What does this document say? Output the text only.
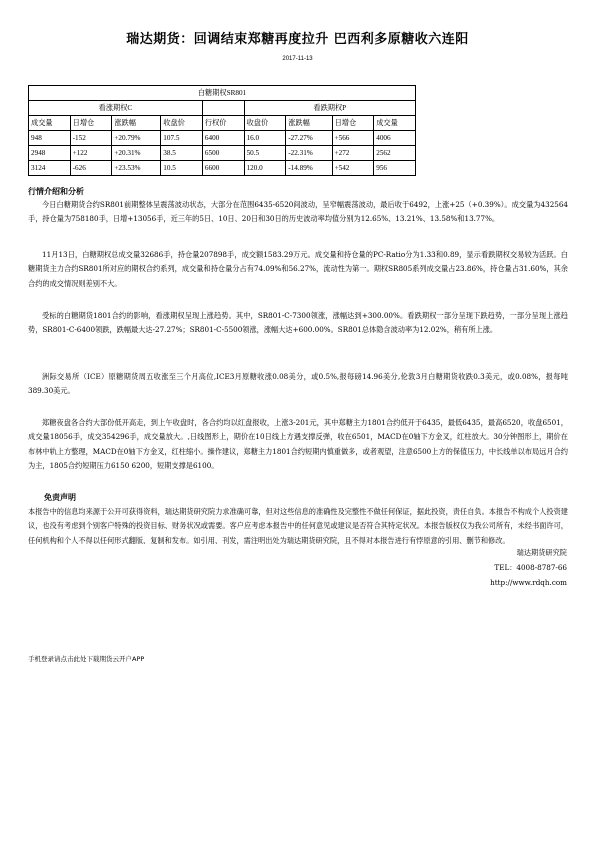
瑞达期货：回调结束郑糖再度拉升 巴西利多原糖收六连阳
2017-11-13
白糖期权SR801								
看涨期权C					看跌期权P			
成交量	日增仓	涨跌幅	收盘价	行权价	收盘价	涨跌幅	日增仓	成交量
948	-152	+20.79%	107.5	6400	16.0	-27.27%	+566	4006
2948	+122	+20.31%	38.5	6500	50.5	-22.31%	+272	2562
3124	-626	+23.53%	10.5	6600	120.0	-14.89%	+542	956
行情介绍和分析
今日白糖期货合约SR801前期整体呈震荡波动状态，大部分在范围6435-6520间波动，呈窄幅震荡波动，最后收于6492，上涨+25（+0.39%）。成交量为432564手，持仓量为758180手，日增+13056手，近三年的5日、10日、20日和30日的历史波动率均值分别为12.65%、13.21%、13.58%和13.77%。
11月13日，白糖期权总成交量32686手，持仓量207898手，成交额1583.29万元。成交量和持仓量的PC-Ratio分为1.33和0.89，显示看跌期权交易较为活跃。白糖期货主力合约SR801所对应的期权合约系列，成交量和持仓量分占有74.09%和56.27%，流动性为第一。期权SR805系列成交量占23.86%，持仓量占31.60%，其余合约的成交情况则差别不大。
受标的白糖期货1801合约的影响，看涨期权呈现上涨趋势。其中，SR801-C-7300领涨，涨幅达到+300.00%。看跌期权一部分呈现下跌趋势，一部分呈现上涨趋势，SR801-C-6400领跌，跌幅最大达-27.27%；SR801-C-5500领涨，涨幅大达+600.00%。SR801总体隐含波动率为12.02%，稍有所上涨。
洲际交易所（ICE）原糖期货周五收涨至三个月高位,ICE3月原糖收涨0.08美分，或0.5%,报每磅14.96美分,伦敦3月白糖期货收跌0.3美元，或0.08%，报每吨389.30美元。
郑糖夜盘各合约大部份低开高走，到上午收盘时，各合约均以红盘报收，上涨3-201元，其中郑糖主力1801合约低开于6435，最低6435，最高6520，收盘6501，成交量18056手，成交354296手，成交量放大。,日线图形上，期价在10日线上方遇支撑反弹，收在6501，MACD在0轴下方金叉，红柱放大。30分钟图形上，期价在布林中轨上方整理，MACD在0轴下方金叉，红柱缩小。操作建议，郑糖主力1801合约短期内慎重做多，或者观望，注意6500上方的保值压力，中长线单以布局远月合约为主，1805合约短期压力6150 6200，短期支撑是6100。
免责声明
本报告中的信息均来源于公开可获得资料，瑞达期货研究院力求准确可靠，但对这些信息的准确性及完整性不做任何保证，据此投资，责任自负。本报告不构成个人投资建议，也没有考虑到个别客户特殊的投资目标、财务状况或需要。客户应考虑本报告中的任何意见或建议是否符合其特定状况。本报告版权仅为我公司所有，未经书面许可，任何机构和个人不得以任何形式翻版、复制和发布。如引用、刊发，需注明出处为瑞达期货研究院，且不得对本报告进行有悖原意的引用、删节和修改。
瑞达期货研究院
TEL：4008-8787-66
http://www.rdqh.com
手机登录请点击此处下载期货云开户APP
